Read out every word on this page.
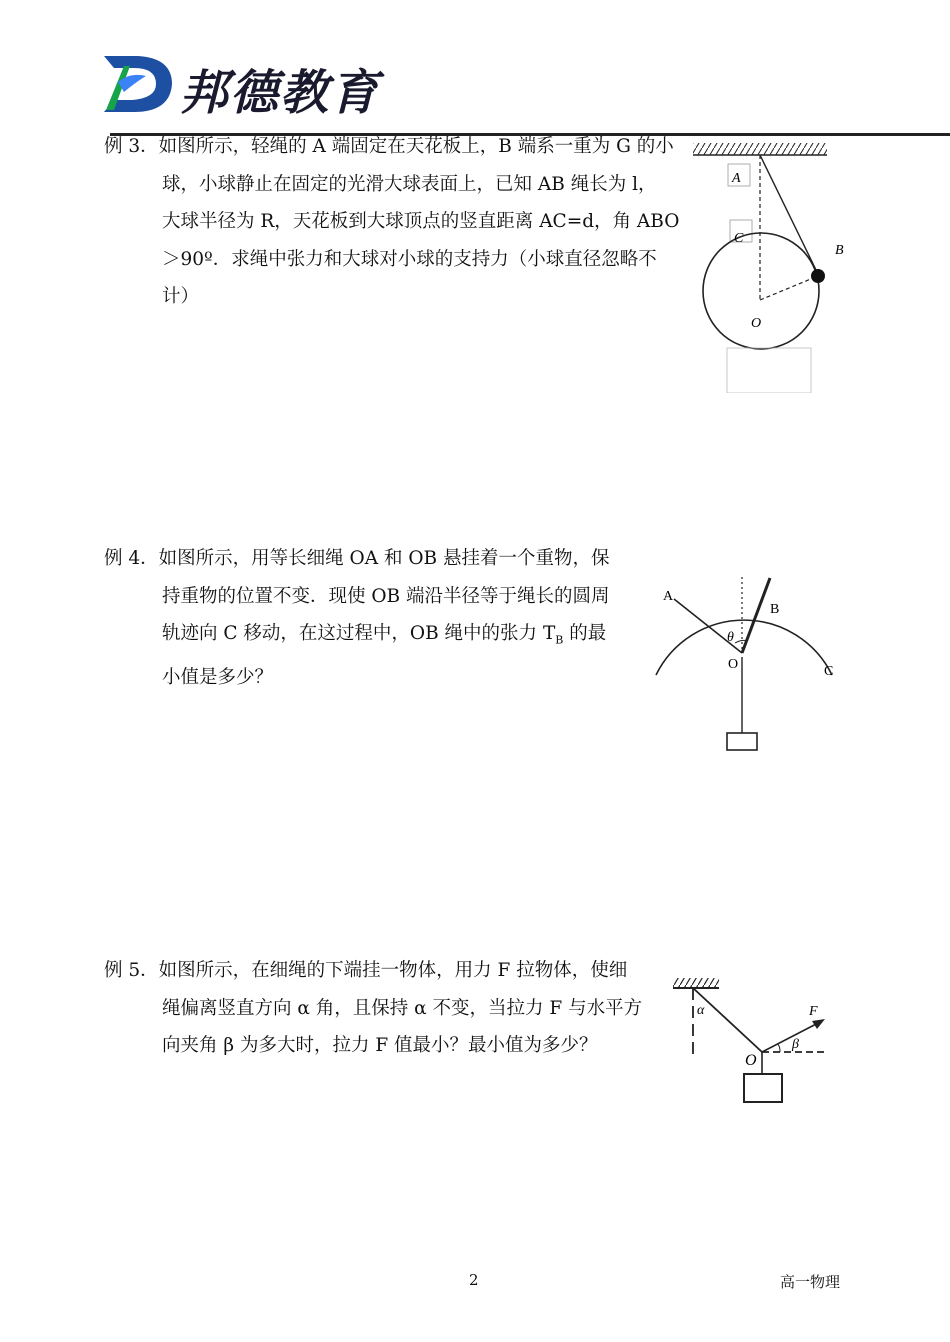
邦德教育
例 3．如图所示，轻绳的 A 端固定在天花板上，B 端系一重为 G 的小
球，小球静止在固定的光滑大球表面上，已知 AB 绳长为 l，
大球半径为 R，天花板到大球顶点的竖直距离 AC=d，角 ABO
＞90º．求绳中张力和大球对小球的支持力（小球直径忽略不
计）
A
C
B
O
例 4．如图所示，用等长细绳 OA 和 OB 悬挂着一个重物，保
持重物的位置不变．现使 OB 端沿半径等于绳长的圆周
轨迹向 C 移动，在这过程中，OB 绳中的张力 $T_B$ 的最
小值是多少？
A
B
C
O
θ
例 5．如图所示，在细绳的下端挂一物体，用力 F 拉物体，使细
绳偏离竖直方向 α 角，且保持 α 不变，当拉力 F 与水平方
向夹角 β 为多大时，拉力 F 值最小？最小值为多少？
α	F
β
O
2	高一物理
